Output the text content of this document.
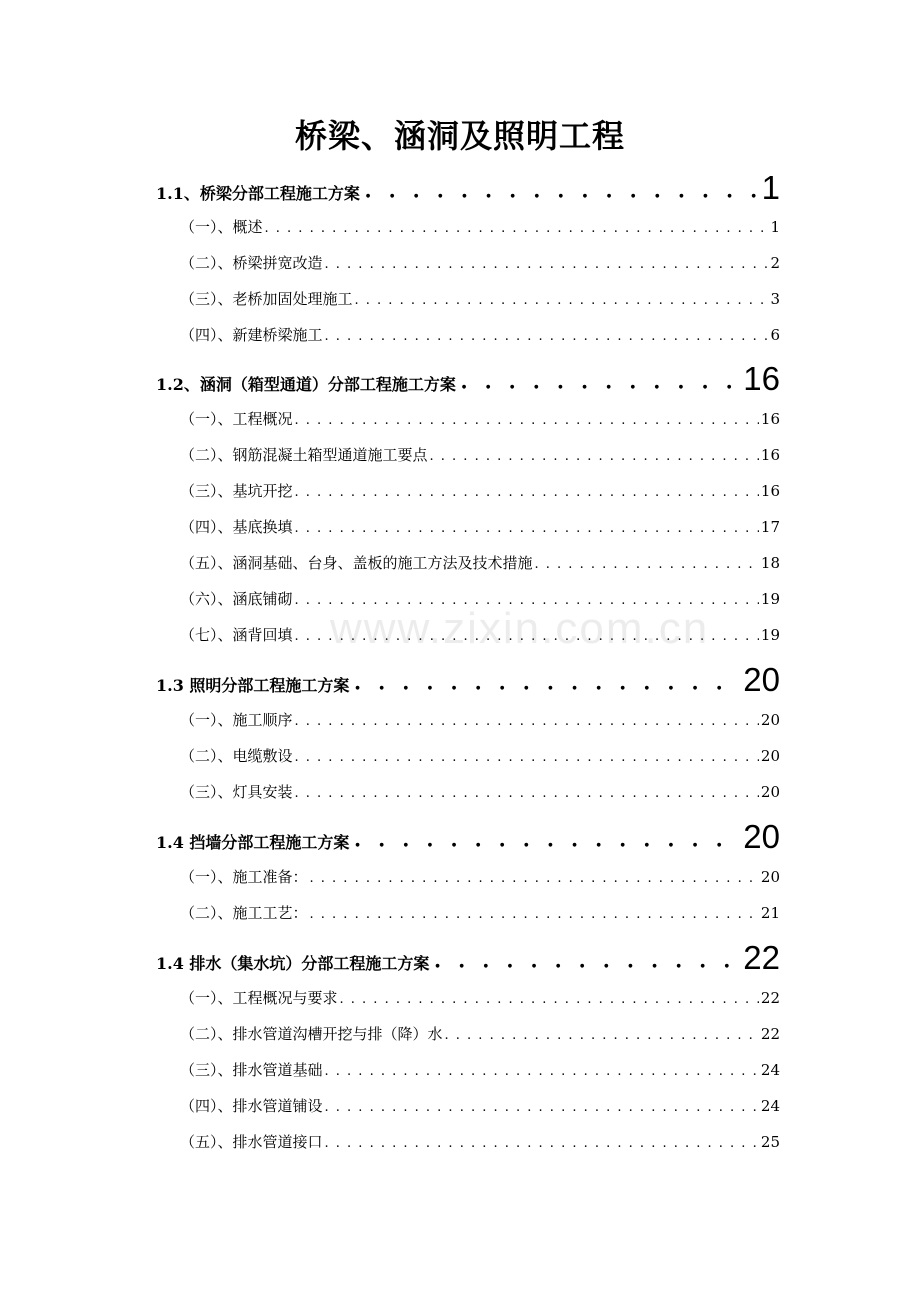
桥梁、涵洞及照明工程
1.1、桥梁分部工程施工方案 ● ● ● ● ● ● ● ● ● ● ● ● ● ● ● ● ● ● ● ● ● ● ● ● ● ● ● ● ● ● ● ● ● ● ● ● ● ● ● ● ● ● ● ● ● ● ● ● ● ● ● ● ● ● ● ●	1
（一）、概述 . . .	1
（二）、桥梁拼宽改造 . . .	2
（三）、老桥加固处理施工 . . .	3
（四）、新建桥梁施工 . . .	6
1.2、涵洞（箱型通道）分部工程施工方案 ● ● ● ● ● ● ● ● ● ● ● ● ● ● ● ● ● ● ● ● ● ● ● ● ● ● ● ● ● ● ● ● ● ● ● ● ● ● ● ● ● ● ● ● ● ● ● ● ● ● ● ● ● ● ● ●	16
（一）、工程概况 . . .	16
（二）、钢筋混凝土箱型通道施工要点 . . .	16
（三）、基坑开挖 . . .	16
（四）、基底换填 . . .	17
（五）、涵洞基础、台身、盖板的施工方法及技术措施 . . .	18
（六）、涵底铺砌 . . .	19
（七）、涵背回填 . . .	19
1.3 照明分部工程施工方案 ● ● ● ● ● ● ● ● ● ● ● ● ● ● ● ● ● ● ● ● ● ● ● ● ● ● ● ● ● ● ● ● ● ● ● ● ● ● ● ● ● ● ● ● ● ● ● ● ● ● ● ● ● ● ● ●	20
（一）、施工顺序 . . .	20
（二）、电缆敷设 . . .	20
（三）、灯具安装 . . .	20
1.4 挡墙分部工程施工方案 ● ● ● ● ● ● ● ● ● ● ● ● ● ● ● ● ● ● ● ● ● ● ● ● ● ● ● ● ● ● ● ● ● ● ● ● ● ● ● ● ● ● ● ● ● ● ● ● ● ● ● ● ● ● ● ●	20
（一）、施工准备： . . .	20
（二）、施工工艺： . . .	21
1.4 排水（集水坑）分部工程施工方案 ● ● ● ● ● ● ● ● ● ● ● ● ● ● ● ● ● ● ● ● ● ● ● ● ● ● ● ● ● ● ● ● ● ● ● ● ● ● ● ● ● ● ● ● ● ● ● ● ● ● ● ● ● ● ● ●	22
（一）、工程概况与要求 . . .	22
（二）、排水管道沟槽开挖与排（降）水 . . .	22
（三）、排水管道基础 . . .	24
（四）、排水管道铺设 . . .	24
（五）、排水管道接口 . . .	25
www.zixin.com.cn
